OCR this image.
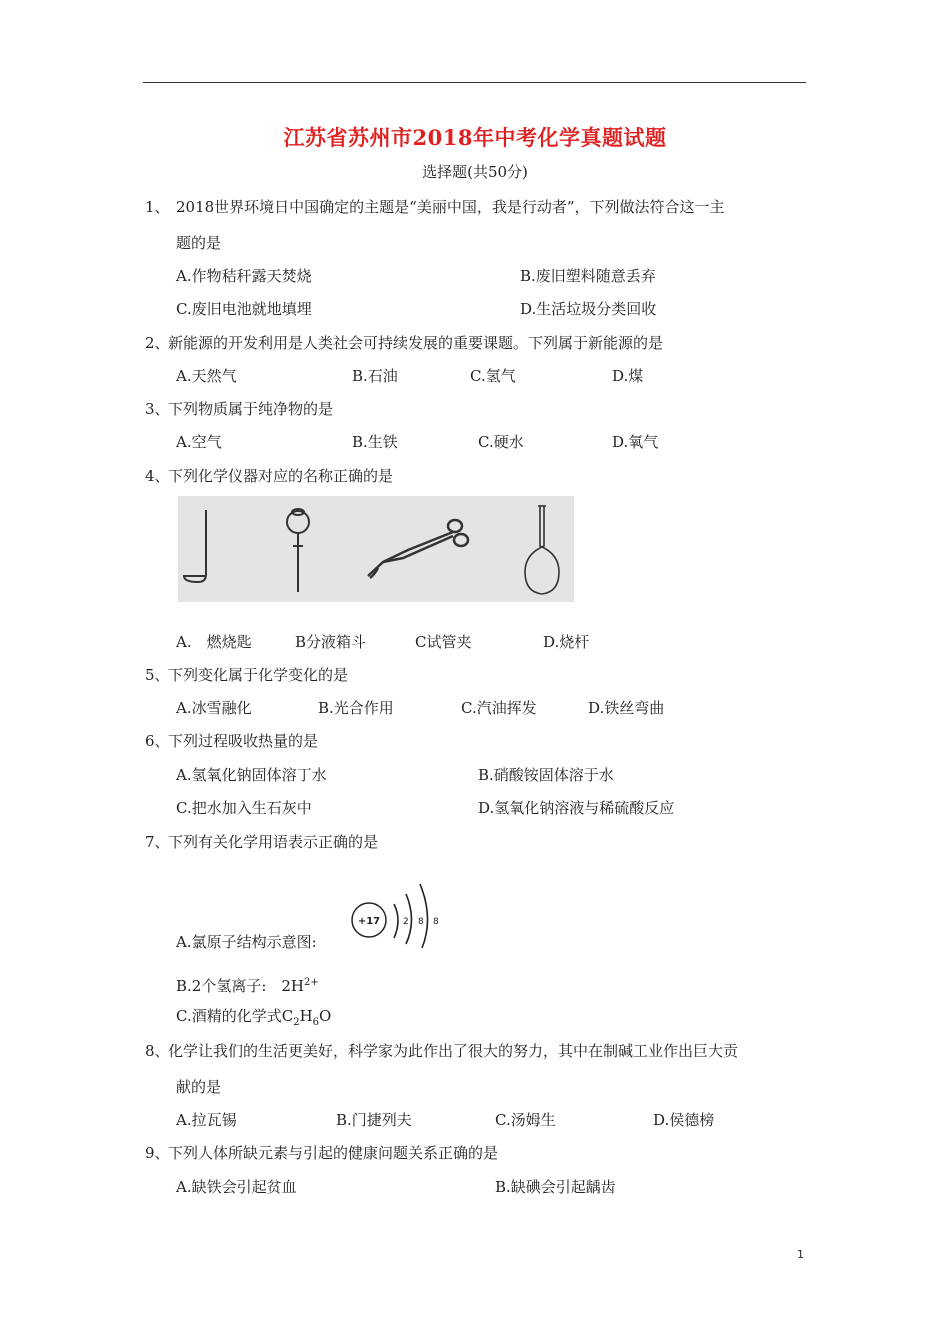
江苏省苏州市2018年中考化学真题试题
选择题(共50分)
1、 2018世界环境日中国确定的主题是“美丽中国，我是行动者”，下列做法符合这一主
题的是
A.作物秸秆露天焚烧	B.废旧塑料随意丢弃
C.废旧电池就地填埋	D.生活垃圾分类回收
2、
新能源的开发利用是人类社会可持续发展的重要课题。下列属于新能源的是
A.天然气	B.石油	C.氢气	D.煤
3、
下列物质属于纯净物的是
A.空气	B.生铁	C.硬水	D.氧气
4、
下列化学仪器对应的名称正确的是
A.　燃烧匙	B分液箱斗	C试管夹	D.烧杆
5、
下列变化属于化学变化的是
A.冰雪融化	B.光合作用	C.汽油挥发	D.铁丝弯曲
6、
下列过程吸收热量的是
A.氢氧化钠固体溶丁水	B.硝酸铵固体溶于水
C.把水加入生石灰中	D.氢氧化钠溶液与稀硫酸反应
7、
下列有关化学用语表示正确的是
+17	2 8 8
A.氯原子结构示意图:
B.2个氢离子:　$2H^{2+}$
C.酒精的化学式$C_2H_6O$
8、
化学让我们的生活更美好，科学家为此作出了很大的努力，其中在制碱工业作出巨大贡
献的是
A.拉瓦锡	B.门捷列夫	C.汤姆生	D.侯德榜
9、
下列人体所缺元素与引起的健康问题关系正确的是
A.缺铁会引起贫血	B.缺碘会引起龋齿
1
